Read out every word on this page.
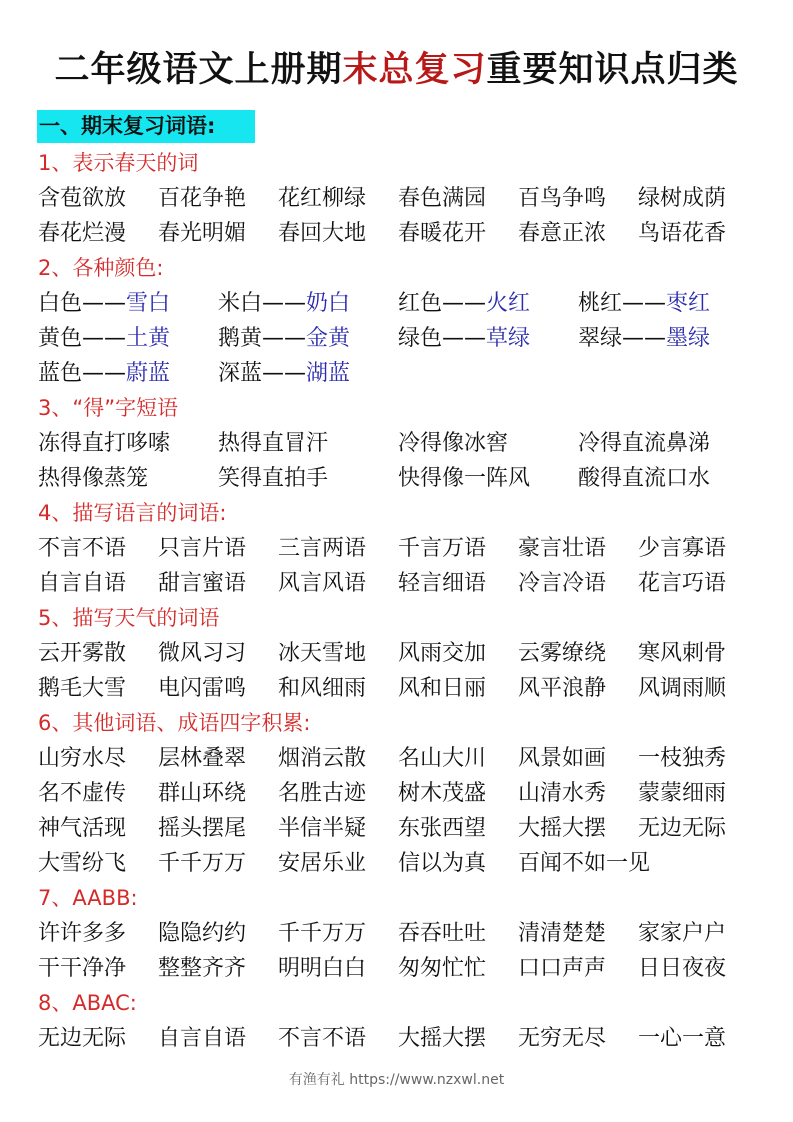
二年级语文上册期末总复习重要知识点归类
一、期末复习词语:
1、表示春天的词
含苞欲放	百花争艳	花红柳绿	春色满园	百鸟争鸣	绿树成荫
春花烂漫	春光明媚	春回大地	春暖花开	春意正浓	鸟语花香
2、各种颜色:
白色——雪白	米白——奶白	红色——火红	桃红——枣红
黄色——土黄	鹅黄——金黄	绿色——草绿	翠绿——墨绿
蓝色——蔚蓝	深蓝——湖蓝
3、“得”字短语
冻得直打哆嗦	热得直冒汗	冷得像冰窖	冷得直流鼻涕
热得像蒸笼	笑得直拍手	快得像一阵风	酸得直流口水
4、描写语言的词语:
不言不语	只言片语	三言两语	千言万语	豪言壮语	少言寡语
自言自语	甜言蜜语	风言风语	轻言细语	冷言冷语	花言巧语
5、描写天气的词语
云开雾散	微风习习	冰天雪地	风雨交加	云雾缭绕	寒风刺骨
鹅毛大雪	电闪雷鸣	和风细雨	风和日丽	风平浪静	风调雨顺
6、其他词语、成语四字积累:
山穷水尽	层林叠翠	烟消云散	名山大川	风景如画	一枝独秀
名不虚传	群山环绕	名胜古迹	树木茂盛	山清水秀	蒙蒙细雨
神气活现	摇头摆尾	半信半疑	东张西望	大摇大摆	无边无际
大雪纷飞	千千万万	安居乐业	信以为真	百闻不如一见
7、AABB:
许许多多	隐隐约约	千千万万	吞吞吐吐	清清楚楚	家家户户
干干净净	整整齐齐	明明白白	匆匆忙忙	口口声声	日日夜夜
8、ABAC:
无边无际	自言自语	不言不语	大摇大摆	无穷无尽	一心一意
有渔有礼 https://www.nzxwl.net
